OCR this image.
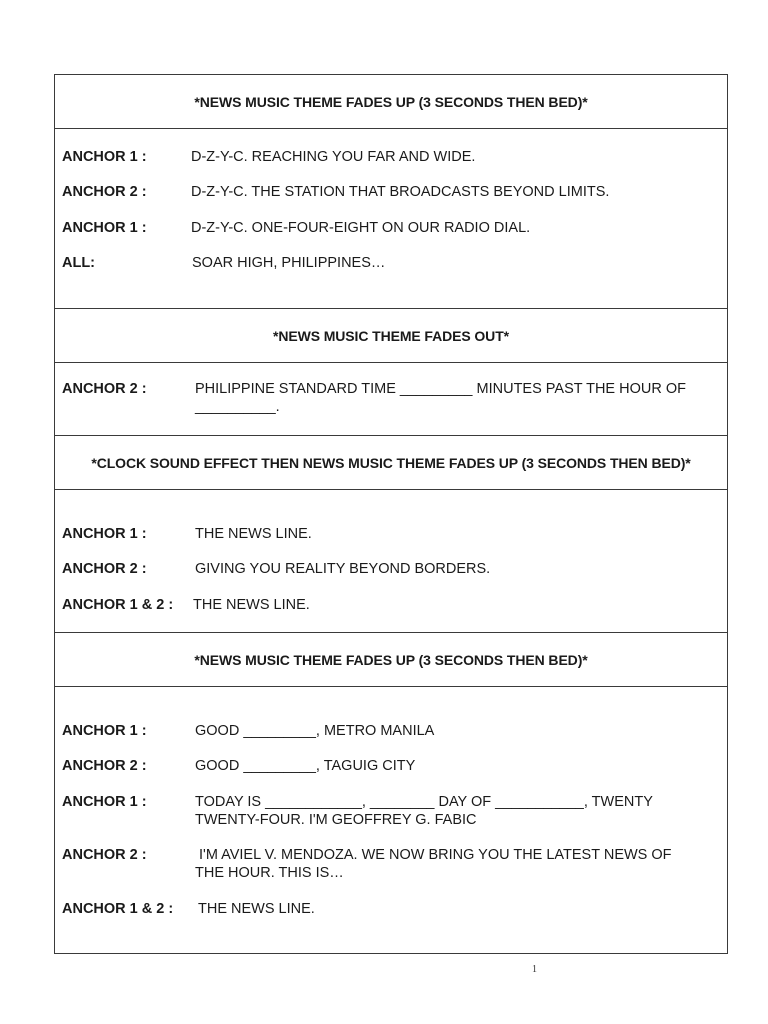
*NEWS MUSIC THEME FADES UP (3 SECONDS THEN BED)*
ANCHOR 1 :	D-Z-Y-C. REACHING YOU FAR AND WIDE.
ANCHOR 2 :	D-Z-Y-C. THE STATION THAT BROADCASTS BEYOND LIMITS.
ANCHOR 1 :	D-Z-Y-C. ONE-FOUR-EIGHT ON OUR RADIO DIAL.
ALL:	SOAR HIGH, PHILIPPINES…
*NEWS MUSIC THEME FADES OUT*
ANCHOR 2 :	PHILIPPINE STANDARD TIME _________ MINUTES PAST THE HOUR OF
__________.
*CLOCK SOUND EFFECT THEN NEWS MUSIC THEME FADES UP (3 SECONDS THEN BED)*
ANCHOR 1 :	THE NEWS LINE.
ANCHOR 2 :	GIVING YOU REALITY BEYOND BORDERS.
ANCHOR 1 & 2 : THE NEWS LINE.
*NEWS MUSIC THEME FADES UP (3 SECONDS THEN BED)*
ANCHOR 1 :	GOOD _________, METRO MANILA
ANCHOR 2 :	GOOD _________, TAGUIG CITY
ANCHOR 1 :	TODAY IS ____________, ________ DAY OF ___________, TWENTY
TWENTY-FOUR. I'M GEOFFREY G. FABIC
ANCHOR 2 :	I'M AVIEL V. MENDOZA. WE NOW BRING YOU THE LATEST NEWS OF
THE HOUR. THIS IS…
ANCHOR 1 & 2 : THE NEWS LINE.
1
